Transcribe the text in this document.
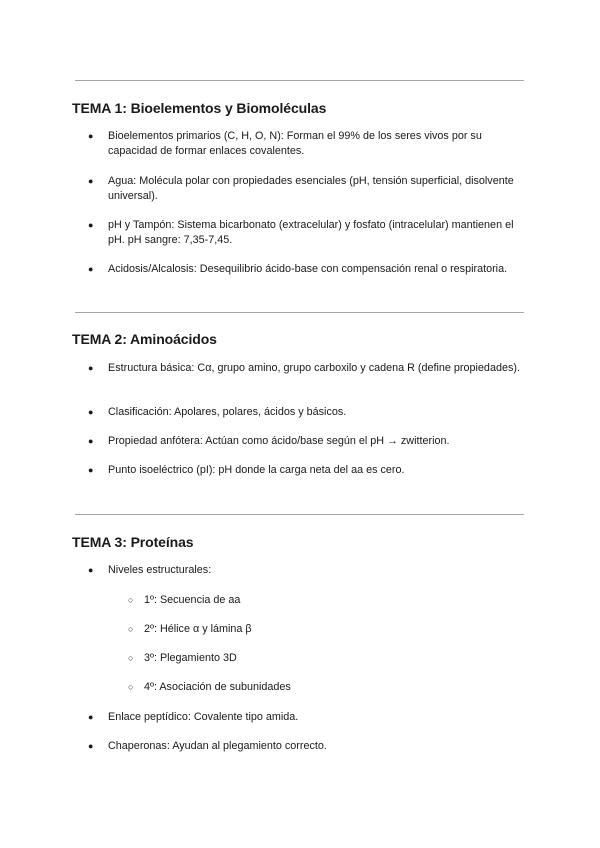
TEMA 1: Bioelementos y Biomoléculas
●	Bioelementos primarios (C, H, O, N): Forman el 99% de los seres vivos por su capacidad de formar enlaces covalentes.
●	Agua: Molécula polar con propiedades esenciales (pH, tensión superficial, disolvente universal).
●	pH y Tampón: Sistema bicarbonato (extracelular) y fosfato (intracelular) mantienen el pH. pH sangre: 7,35-7,45.
●	Acidosis/Alcalosis: Desequilibrio ácido-base con compensación renal o respiratoria.
TEMA 2: Aminoácidos
●	Estructura básica: Cα, grupo amino, grupo carboxilo y cadena R (define propiedades).
●	Clasificación: Apolares, polares, ácidos y básicos.
●	Propiedad anfótera: Actúan como ácido/base según el pH → zwitterion.
●	Punto isoeléctrico (pI): pH donde la carga neta del aa es cero.
TEMA 3: Proteínas
●	Niveles estructurales:
○ 1º: Secuencia de aa
○ 2º: Hélice α y lámina β
○ 3º: Plegamiento 3D
○ 4º: Asociación de subunidades
●	Enlace peptídico: Covalente tipo amida.
●	Chaperonas: Ayudan al plegamiento correcto.
